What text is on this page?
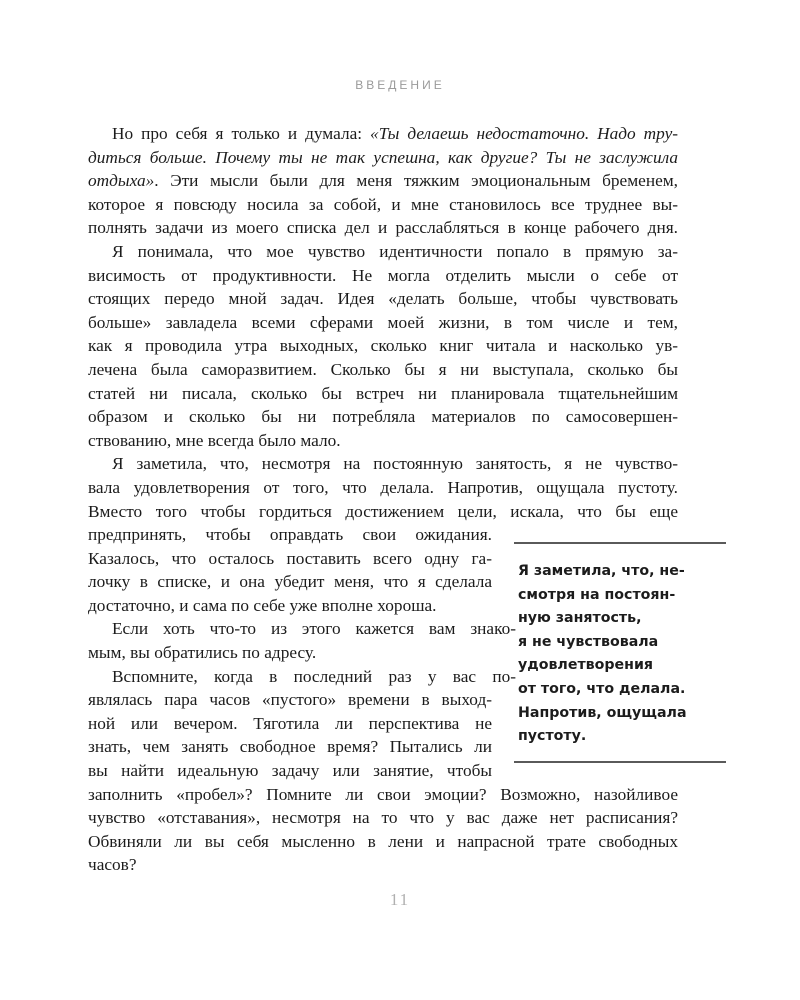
ВВЕДЕНИЕ
Но про себя я только и думала: «Ты делаешь недостаточно. Надо тру-
диться больше. Почему ты не так успешна, как другие? Ты не заслужила
отдыха». Эти мысли были для меня тяжким эмоциональным бременем,
которое я повсюду носила за собой, и мне становилось все труднее вы-
полнять задачи из моего списка дел и расслабляться в конце рабочего дня.
Я понимала, что мое чувство идентичности попало в прямую за-
висимость от продуктивности. Не могла отделить мысли о себе от
стоящих передо мной задач. Идея «делать больше, чтобы чувствовать
больше» завладела всеми сферами моей жизни, в том числе и тем,
как я проводила утра выходных, сколько книг читала и насколько ув-
лечена была саморазвитием. Сколько бы я ни выступала, сколько бы
статей ни писала, сколько бы встреч ни планировала тщательнейшим
образом и сколько бы ни потребляла материалов по самосовершен-
ствованию, мне всегда было мало.
Я заметила, что, несмотря на постоянную занятость, я не чувство-
вала удовлетворения от того, что делала. Напротив, ощущала пустоту.
Вместо того чтобы гордиться достижением цели, искала, что бы еще
предпринять, чтобы оправдать свои ожидания.
Казалось, что осталось поставить всего одну га-
лочку в списке, и она убедит меня, что я сделала
достаточно, и сама по себе уже вполне хороша.
Если хоть что-то из этого кажется вам знако-
мым, вы обратились по адресу.
Вспомните, когда в последний раз у вас по-
являлась пара часов «пустого» времени в выход-
ной или вечером. Тяготила ли перспектива не
знать, чем занять свободное время? Пытались ли
вы найти идеальную задачу или занятие, чтобы
заполнить «пробел»? Помните ли свои эмоции? Возможно, назойливое
чувство «отставания», несмотря на то что у вас даже нет расписания?
Обвиняли ли вы себя мысленно в лени и напрасной трате свободных
часов?
Я заметила, что, не-
смотря на постоян-
ную занятость,
я не чувствовала
удовлетворения
от того, что делала.
Напротив, ощущала
пустоту.
11
